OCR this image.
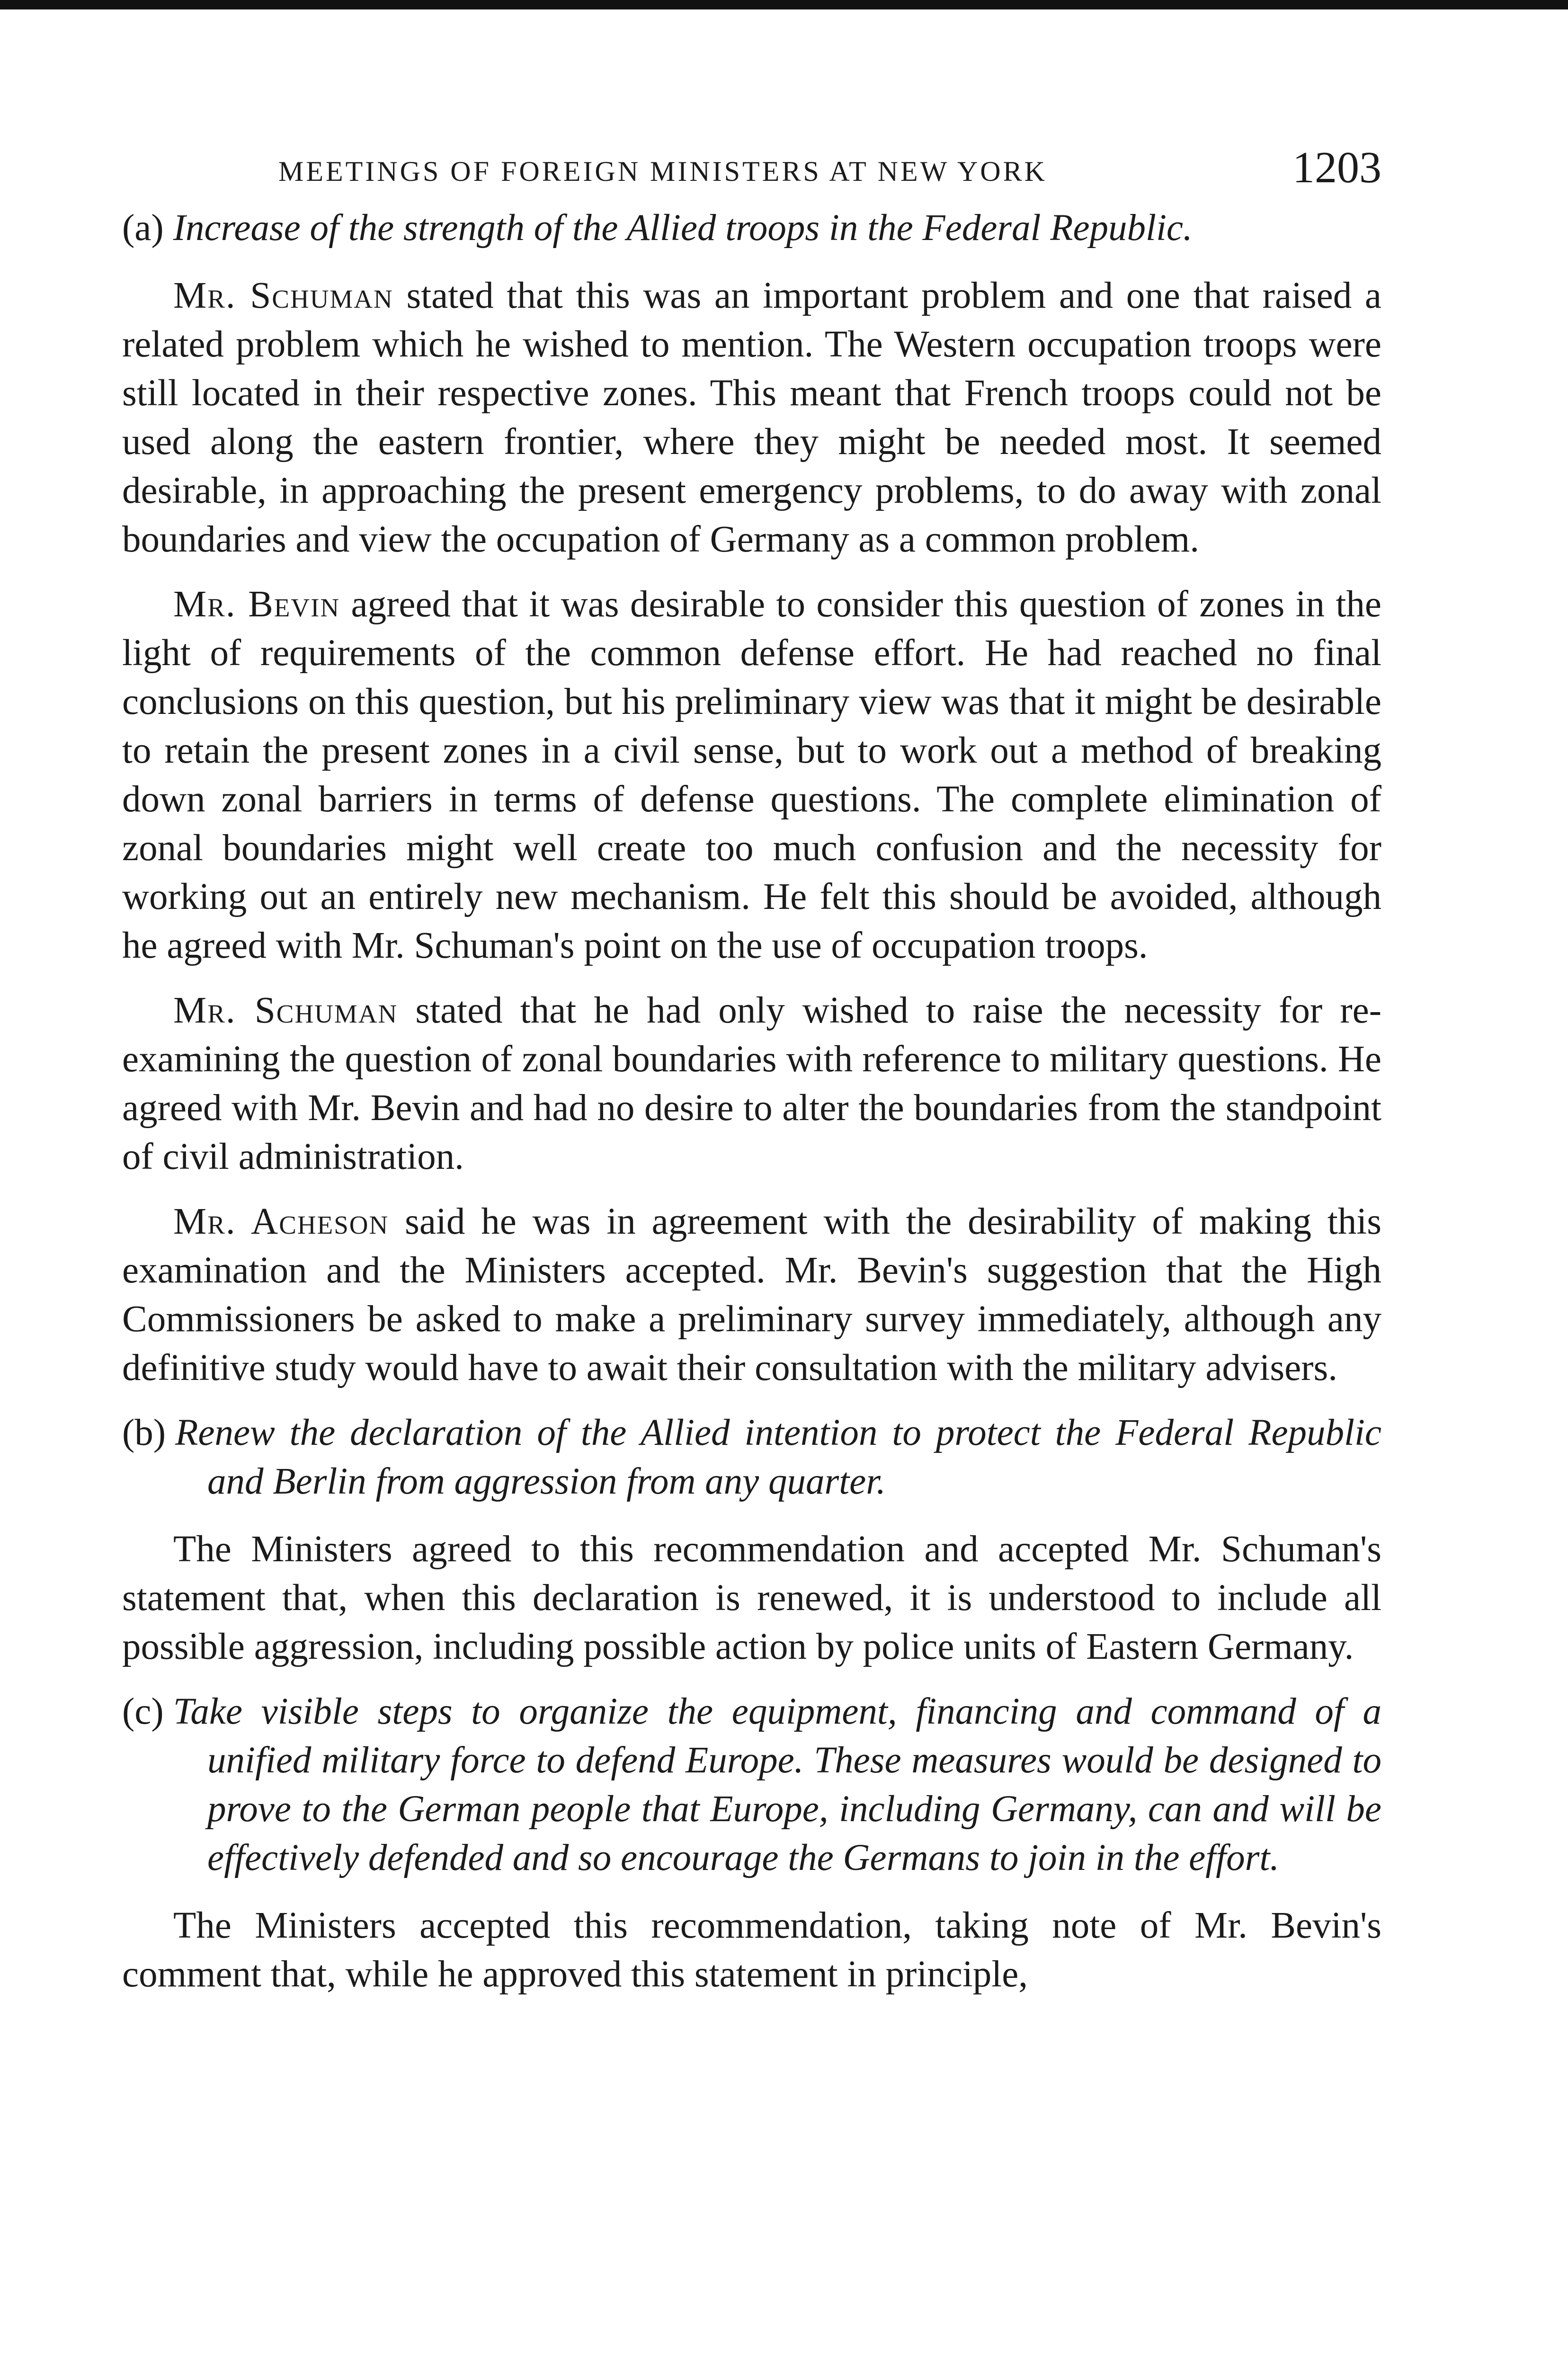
MEETINGS OF FOREIGN MINISTERS AT NEW YORK	1203

(a) Increase of the strength of the Allied troops in the Federal Republic.

Mr. Schuman stated that this was an important problem and one that raised a related problem which he wished to mention. The Western occupation troops were still located in their respective zones. This meant that French troops could not be used along the eastern frontier, where they might be needed most. It seemed desirable, in approaching the present emergency problems, to do away with zonal boundaries and view the occupation of Germany as a common problem.

Mr. Bevin agreed that it was desirable to consider this question of zones in the light of requirements of the common defense effort. He had reached no final conclusions on this question, but his preliminary view was that it might be desirable to retain the present zones in a civil sense, but to work out a method of breaking down zonal barriers in terms of defense questions. The complete elimination of zonal boundaries might well create too much confusion and the necessity for working out an entirely new mechanism. He felt this should be avoided, although he agreed with Mr. Schuman's point on the use of occupation troops.

Mr. Schuman stated that he had only wished to raise the necessity for re-examining the question of zonal boundaries with reference to military questions. He agreed with Mr. Bevin and had no desire to alter the boundaries from the standpoint of civil administration.

Mr. Acheson said he was in agreement with the desirability of making this examination and the Ministers accepted. Mr. Bevin's suggestion that the High Commissioners be asked to make a preliminary survey immediately, although any definitive study would have to await their consultation with the military advisers.

(b) Renew the declaration of the Allied intention to protect the Federal Republic and Berlin from aggression from any quarter.

The Ministers agreed to this recommendation and accepted Mr. Schuman's statement that, when this declaration is renewed, it is understood to include all possible aggression, including possible action by police units of Eastern Germany.

(c) Take visible steps to organize the equipment, financing and command of a unified military force to defend Europe. These measures would be designed to prove to the German people that Europe, including Germany, can and will be effectively defended and so encourage the Germans to join in the effort.

The Ministers accepted this recommendation, taking note of Mr. Bevin's comment that, while he approved this statement in principle,
